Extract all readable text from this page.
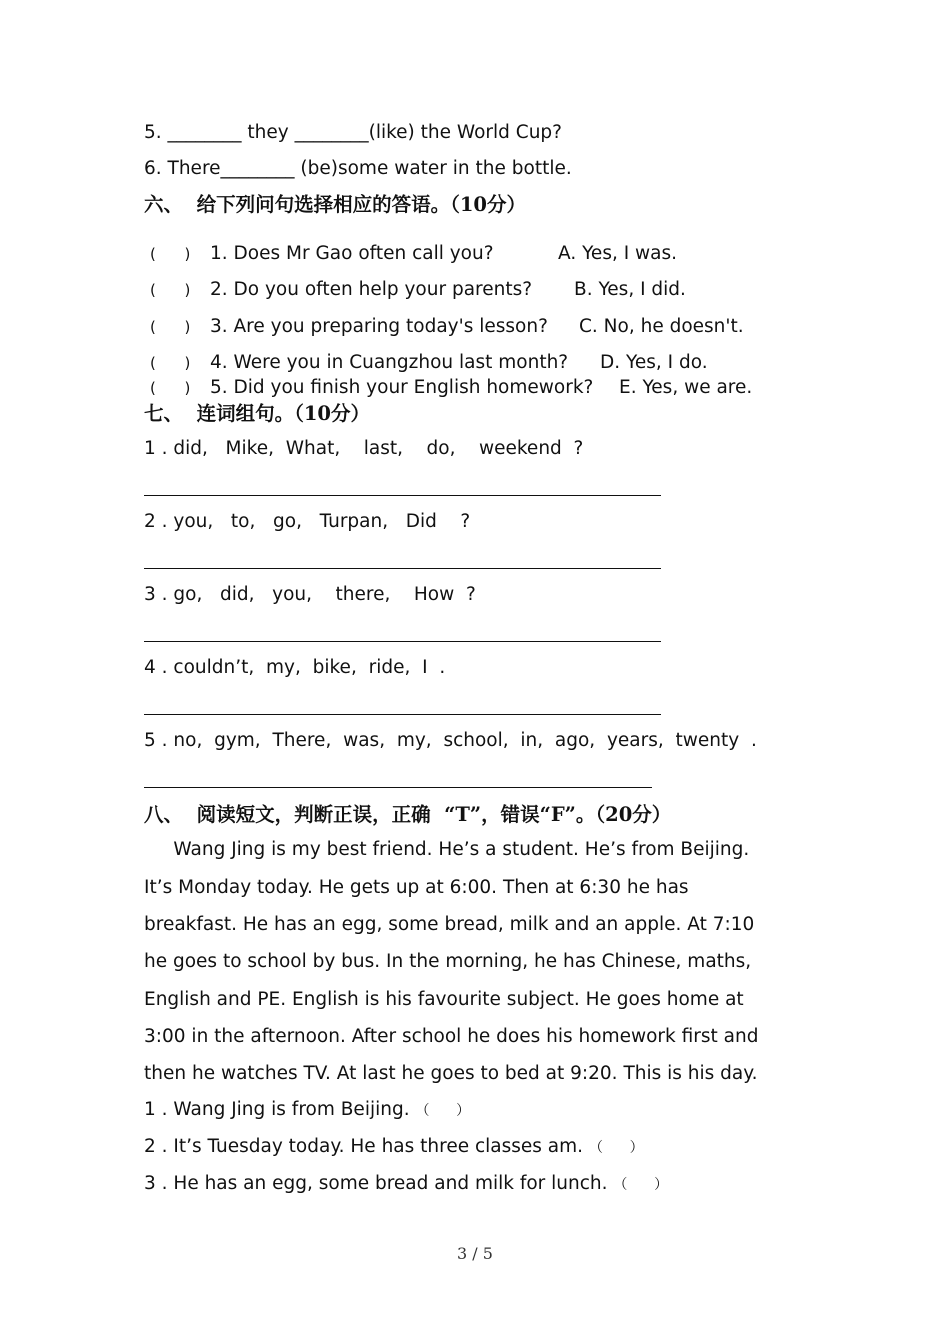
5. ________ they ________(like) the World Cup?
6. There________ (be)some water in the bottle.
六、  给下列问句选择相应的答语。（10分）
(      ) 1. Does Mr Gao often call you?	A. Yes, I was.
(      ) 2. Do you often help your parents? B. Yes, I did.
(      ) 3. Are you preparing today's lesson? C. No, he doesn't.
(      ) 4. Were you in Cuangzhou last month? D. Yes, I do.
(      ) 5. Did you finish your English homework? E. Yes, we are.
七、  连词组句。（10分）
1 . did,   Mike,  What,    last,    do,    weekend  ?
2 . you,   to,   go,   Turpan,   Did    ?
3 . go,   did,   you,    there,    How  ?
4 . couldn’t,  my,  bike,  ride,  I  .
5 . no,  gym,  There,  was,  my,  school,  in,  ago,  years,  twenty  .
八、  阅读短文，判断正误，正确  “T”，错误“F”。（20分）
Wang Jing is my best friend. He’s a student. He’s from Beijing.
It’s Monday today. He gets up at 6:00. Then at 6:30 he has
breakfast. He has an egg, some bread, milk and an apple. At 7:10
he goes to school by bus. In the morning, he has Chinese, maths,
English and PE. English is his favourite subject. He goes home at
3:00 in the afternoon. After school he does his homework first and
then he watches TV. At last he goes to bed at 9:20. This is his day.
1 . Wang Jing is from Beijing. （      ）
2 . It’s Tuesday today. He has three classes am. （      ）
3 . He has an egg, some bread and milk for lunch. （      ）
3 / 5
